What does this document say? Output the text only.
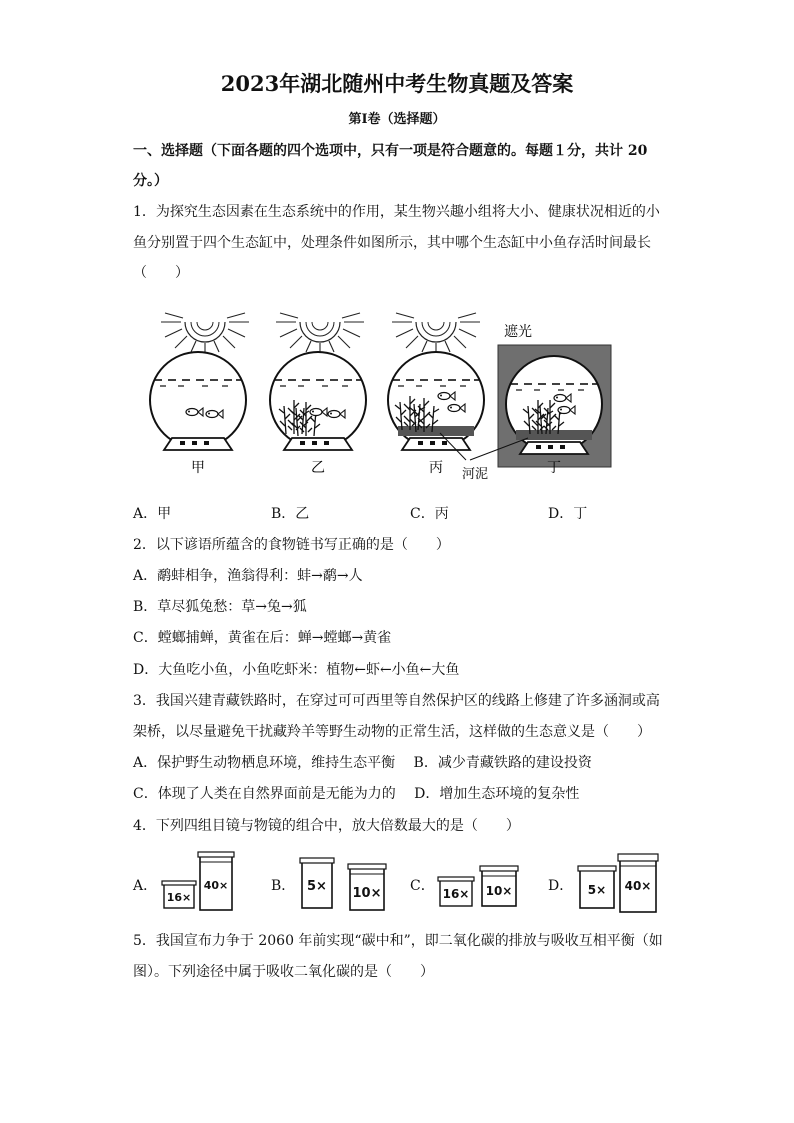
2023年湖北随州中考生物真题及答案
第Ⅰ卷（选择题）
一、选择题（下面各题的四个选项中，只有一项是符合题意的。每题１分，共计 20
分。）
1．为探究生态因素在生态系统中的作用，某生物兴趣小组将大小、健康状况相近的小
鱼分别置于四个生态缸中，处理条件如图所示，其中哪个生态缸中小鱼存活时间最长
（　　）
甲	乙	丙	丁
遮光
河泥
A．甲	B．乙	C．丙	D．丁
2．以下谚语所蕴含的食物链书写正确的是（　　）
A．鹬蚌相争，渔翁得利：蚌→鹬→人
B．草尽狐兔愁：草→兔→狐
C．螳螂捕蝉，黄雀在后：蝉→螳螂→黄雀
D．大鱼吃小鱼，小鱼吃虾米：植物←虾←小鱼←大鱼
3．我国兴建青藏铁路时，在穿过可可西里等自然保护区的线路上修建了许多涵洞或高
架桥，以尽量避免干扰藏羚羊等野生动物的正常生活，这样做的生态意义是（　　）
A．保护野生动物栖息环境，维持生态平衡　 B．减少青藏铁路的建设投资
C．体现了人类在自然界面前是无能为力的　 D．增加生态环境的复杂性
4．下列四组目镜与物镜的组合中，放大倍数最大的是（　　）
A．	B．	C．	D．
16×
40×	5× 10×	16× 10×	5× 40×
5．我国宣布力争于 2060 年前实现“碳中和”，即二氧化碳的排放与吸收互相平衡（如
图）。下列途径中属于吸收二氧化碳的是（　　）
